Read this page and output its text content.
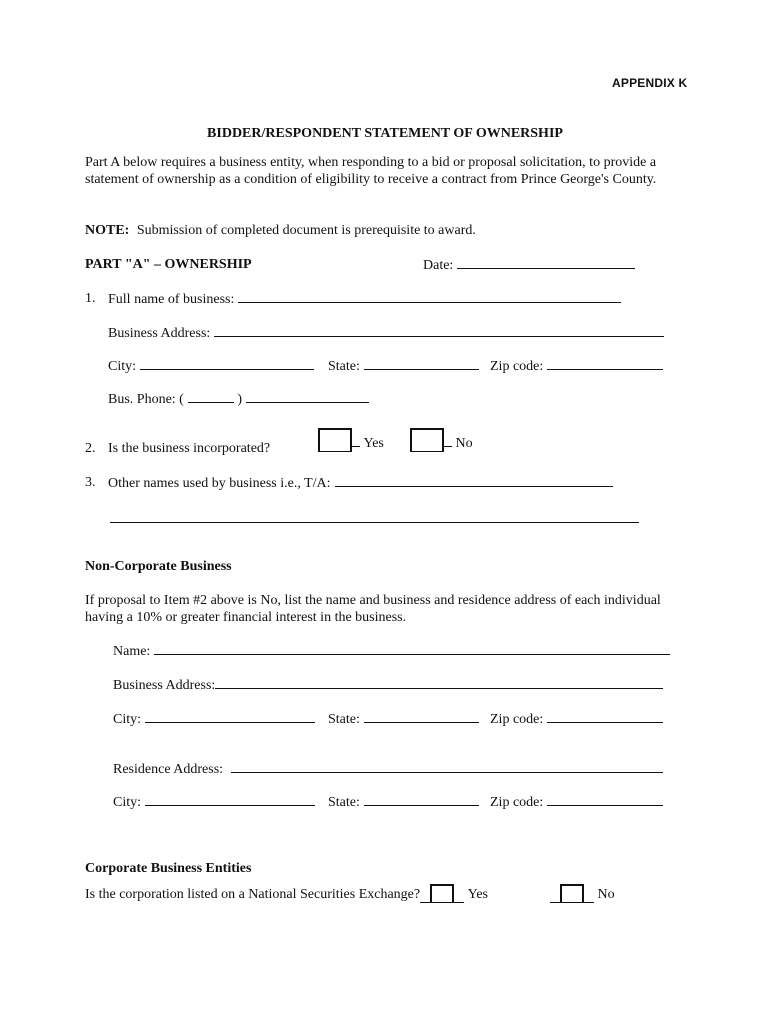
APPENDIX K
BIDDER/RESPONDENT STATEMENT OF OWNERSHIP
Part A below requires a business entity, when responding to a bid or proposal solicitation, to provide a statement of ownership as a condition of eligibility to receive a contract from Prince George's County.
NOTE: Submission of completed document is prerequisite to award.
PART "A" – OWNERSHIP	Date:
1. Full name of business:
Business Address:
City:	State:	Zip code:
Bus. Phone: (	)
2. Is the business incorporated?	Yes	No
3. Other names used by business i.e., T/A:
Non-Corporate Business
If proposal to Item #2 above is No, list the name and business and residence address of each individual having a 10% or greater financial interest in the business.
Name:
Business Address:
City:	State:	Zip code:
Residence Address:
City:	State:	Zip code:
Corporate Business Entities
Is the corporation listed on a National Securities Exchange?	Yes	No
